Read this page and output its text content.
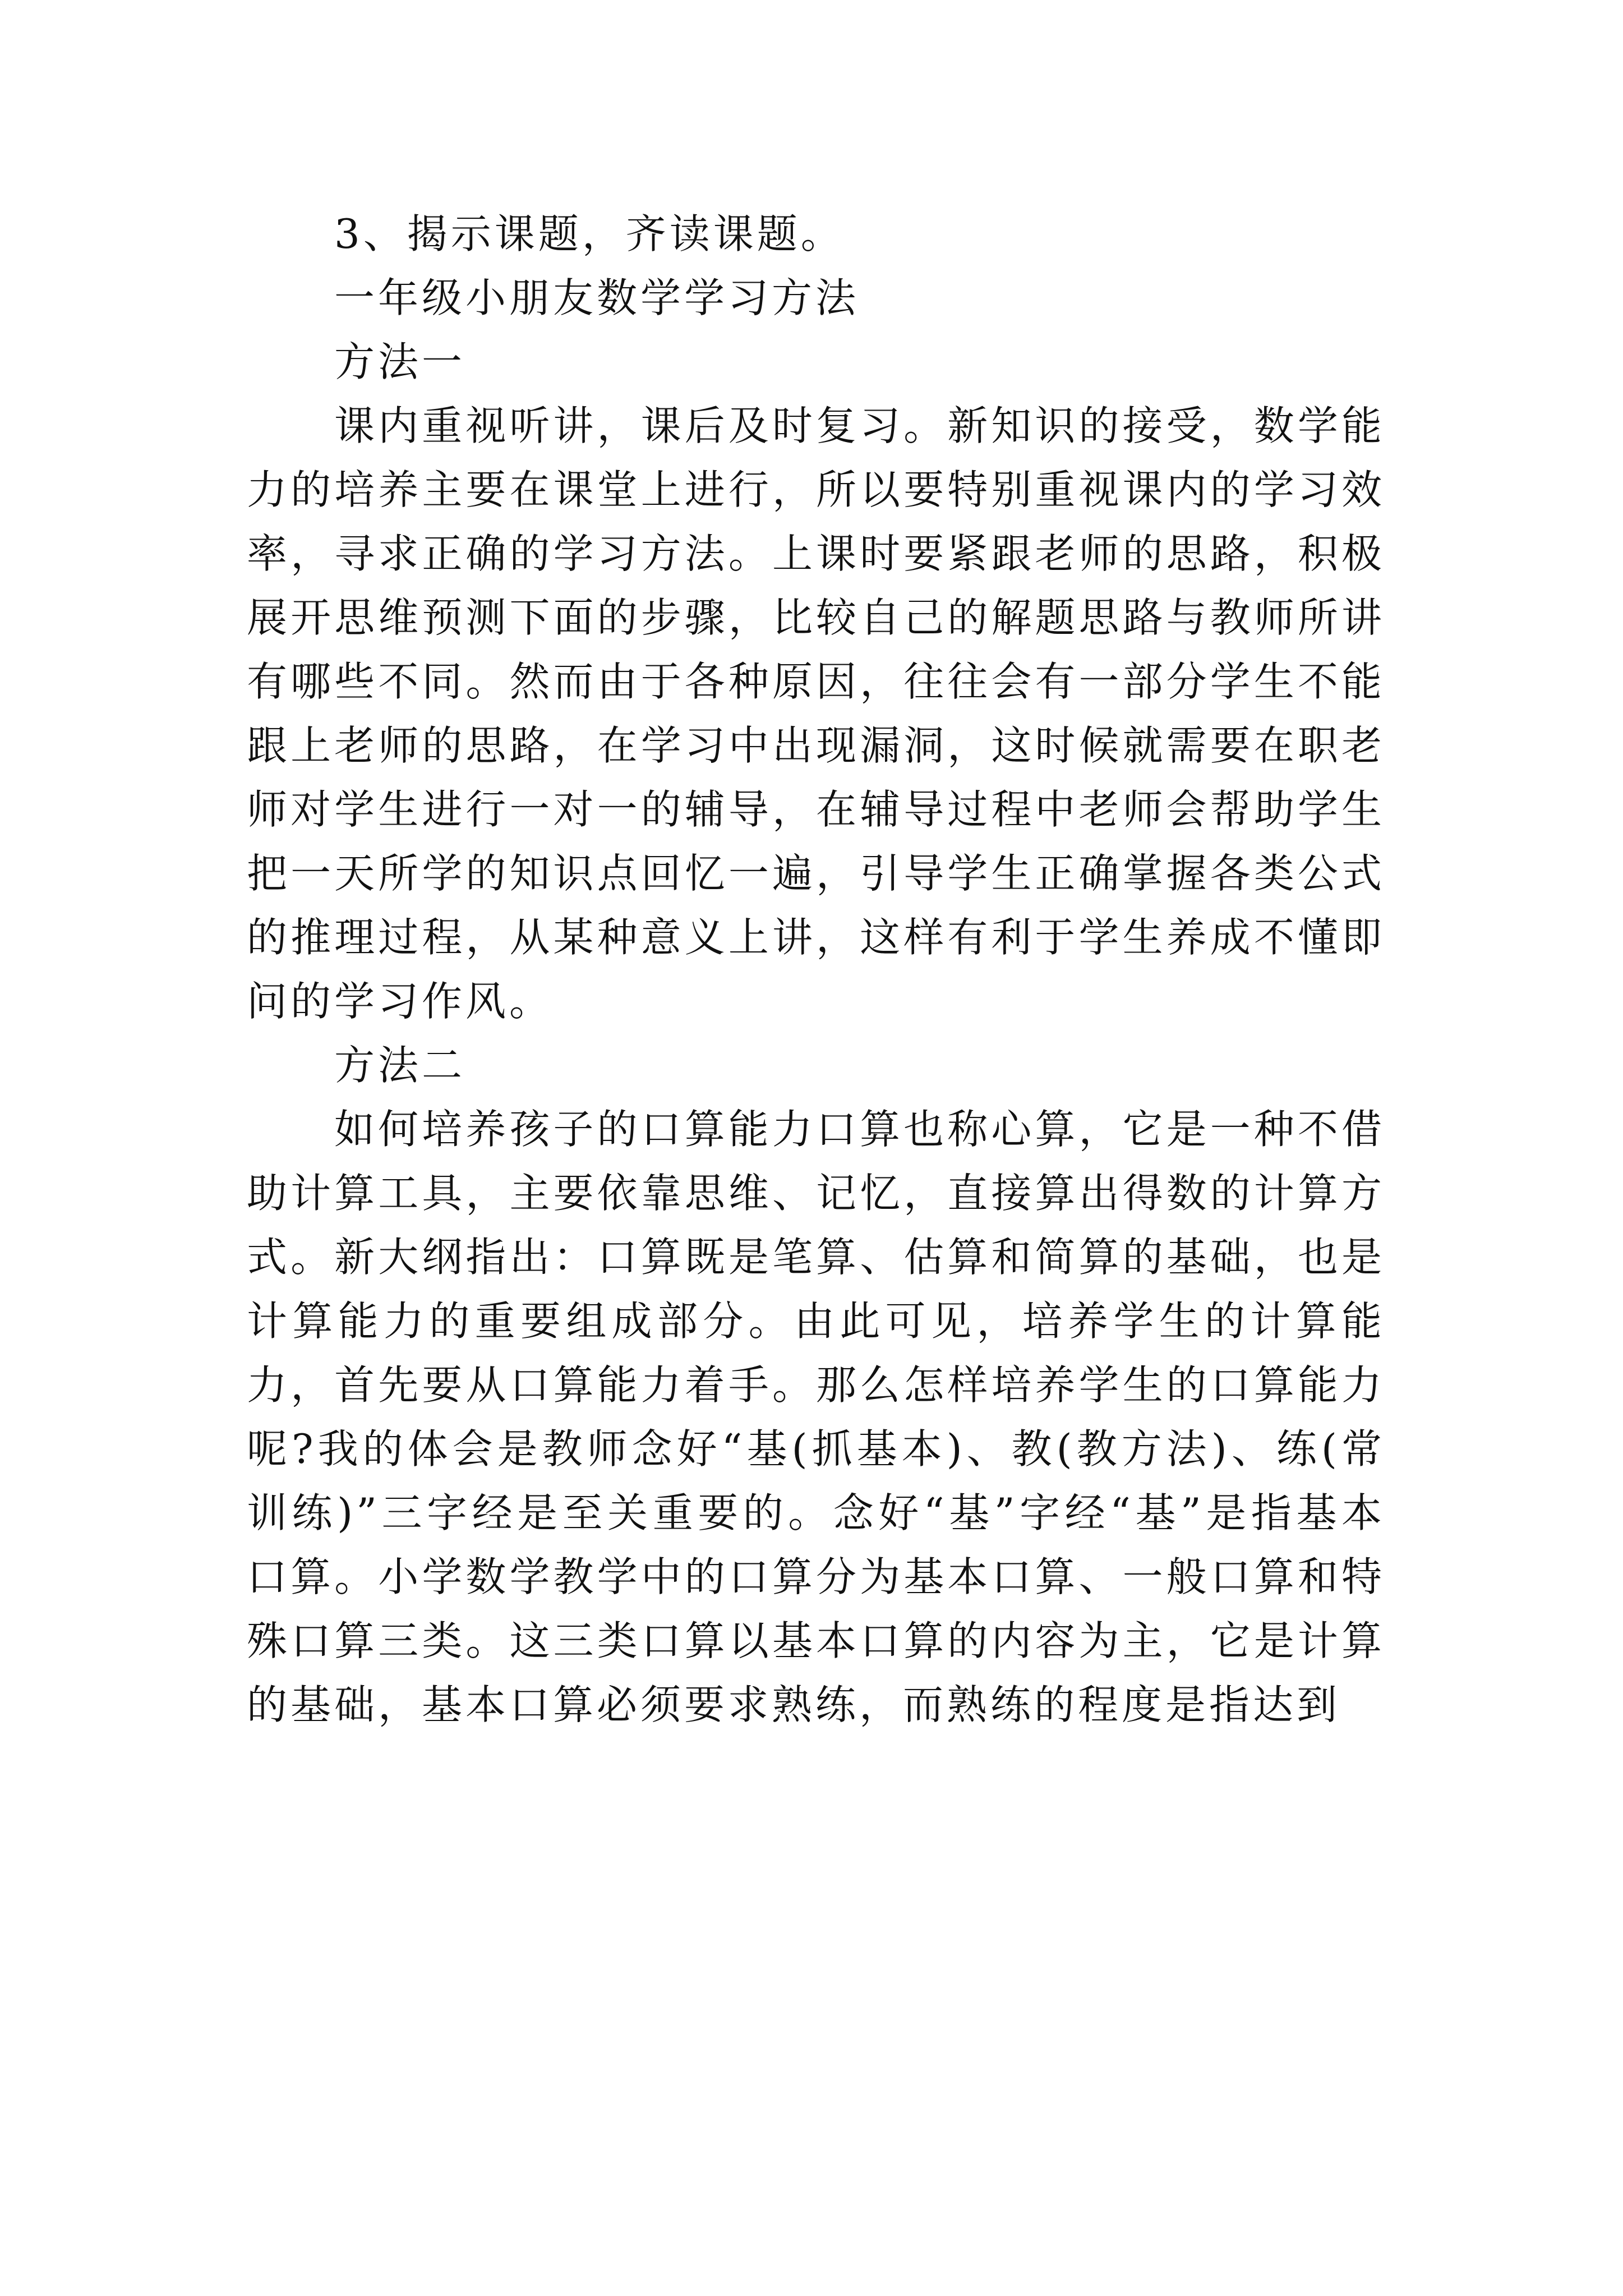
3、揭示课题，齐读课题。

一年级小朋友数学学习方法

方法一

课内重视听讲，课后及时复习。新知识的接受，数学能力的培养主要在课堂上进行，所以要特别重视课内的学习效率，寻求正确的学习方法。上课时要紧跟老师的思路，积极展开思维预测下面的步骤，比较自己的解题思路与教师所讲有哪些不同。然而由于各种原因，往往会有一部分学生不能跟上老师的思路，在学习中出现漏洞，这时候就需要在职老师对学生进行一对一的辅导，在辅导过程中老师会帮助学生把一天所学的知识点回忆一遍，引导学生正确掌握各类公式的推理过程，从某种意义上讲，这样有利于学生养成不懂即问的学习作风。

方法二

如何培养孩子的口算能力口算也称心算，它是一种不借助计算工具，主要依靠思维、记忆，直接算出得数的计算方式。新大纲指出：口算既是笔算、估算和简算的基础，也是计算能力的重要组成部分。由此可见，培养学生的计算能力，首先要从口算能力着手。那么怎样培养学生的口算能力呢?我的体会是教师念好“基(抓基本)、教(教方法)、练(常训练)”三字经是至关重要的。念好“基”字经“基”是指基本口算。小学数学教学中的口算分为基本口算、一般口算和特殊口算三类。这三类口算以基本口算的内容为主，它是计算的基础，基本口算必须要求熟练，而熟练的程度是指达到
